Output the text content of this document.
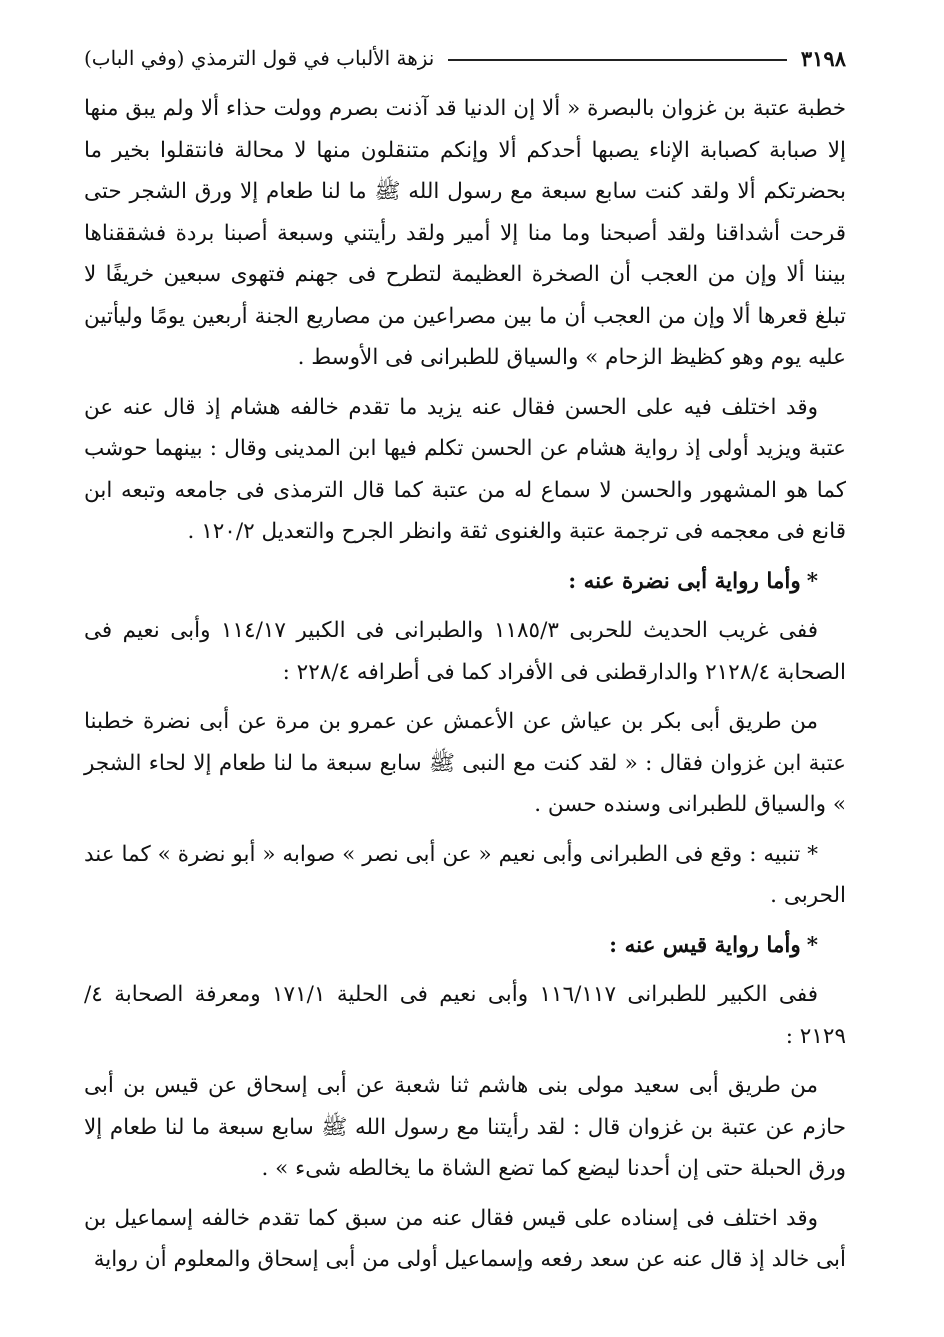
٣١٩٨
نزهة الألباب في قول الترمذي (وفي الباب)

خطبة عتبة بن غزوان بالبصرة « ألا إن الدنيا قد آذنت بصرم وولت حذاء ألا ولم يبق منها إلا صبابة كصبابة الإناء يصبها أحدكم ألا وإنكم متنقلون منها لا محالة فانتقلوا بخير ما بحضرتكم ألا ولقد كنت سابع سبعة مع رسول الله ﷺ ما لنا طعام إلا ورق الشجر حتى قرحت أشداقنا ولقد أصبحنا وما منا إلا أمير ولقد رأيتني وسبعة أصبنا بردة فشققناها بيننا ألا وإن من العجب أن الصخرة العظيمة لتطرح فى جهنم فتهوى سبعين خريفًا لا تبلغ قعرها ألا وإن من العجب أن ما بين مصراعين من مصاريع الجنة أربعين يومًا وليأتين عليه يوم وهو كظيظ الزحام » والسياق للطبرانى فى الأوسط .

وقد اختلف فيه على الحسن فقال عنه يزيد ما تقدم خالفه هشام إذ قال عنه عن عتبة ويزيد أولى إذ رواية هشام عن الحسن تكلم فيها ابن المدينى وقال : بينهما حوشب كما هو المشهور والحسن لا سماع له من عتبة كما قال الترمذى فى جامعه وتبعه ابن قانع فى معجمه فى ترجمة عتبة والغنوى ثقة وانظر الجرح والتعديل ١٢٠/٢ .

*وأما رواية أبى نضرة عنه :

ففى غريب الحديث للحربى ١١٨٥/٣ والطبرانى فى الكبير ١١٤/١٧ وأبى نعيم فى الصحابة ٢١٢٨/٤ والدارقطنى فى الأفراد كما فى أطرافه ٢٢٨/٤ :

من طريق أبى بكر بن عياش عن الأعمش عن عمرو بن مرة عن أبى نضرة خطبنا عتبة ابن غزوان فقال : « لقد كنت مع النبى ﷺ سابع سبعة ما لنا طعام إلا لحاء الشجر » والسياق للطبرانى وسنده حسن .

* تنبيه : وقع فى الطبرانى وأبى نعيم « عن أبى نصر » صوابه « أبو نضرة » كما عند الحربى .

*وأما رواية قيس عنه :

ففى الكبير للطبرانى ١١٦/١١٧ وأبى نعيم فى الحلية ١٧١/١ ومعرفة الصحابة ٤/ ٢١٢٩ :

من طريق أبى سعيد مولى بنى هاشم ثنا شعبة عن أبى إسحاق عن قيس بن أبى حازم عن عتبة بن غزوان قال : لقد رأيتنا مع رسول الله ﷺ سابع سبعة ما لنا طعام إلا ورق الحبلة حتى إن أحدنا ليضع كما تضع الشاة ما يخالطه شىء » .

وقد اختلف فى إسناده على قيس فقال عنه من سبق كما تقدم خالفه إسماعيل بن أبى خالد إذ قال عنه عن سعد رفعه وإسماعيل أولى من أبى إسحاق والمعلوم أن رواية
